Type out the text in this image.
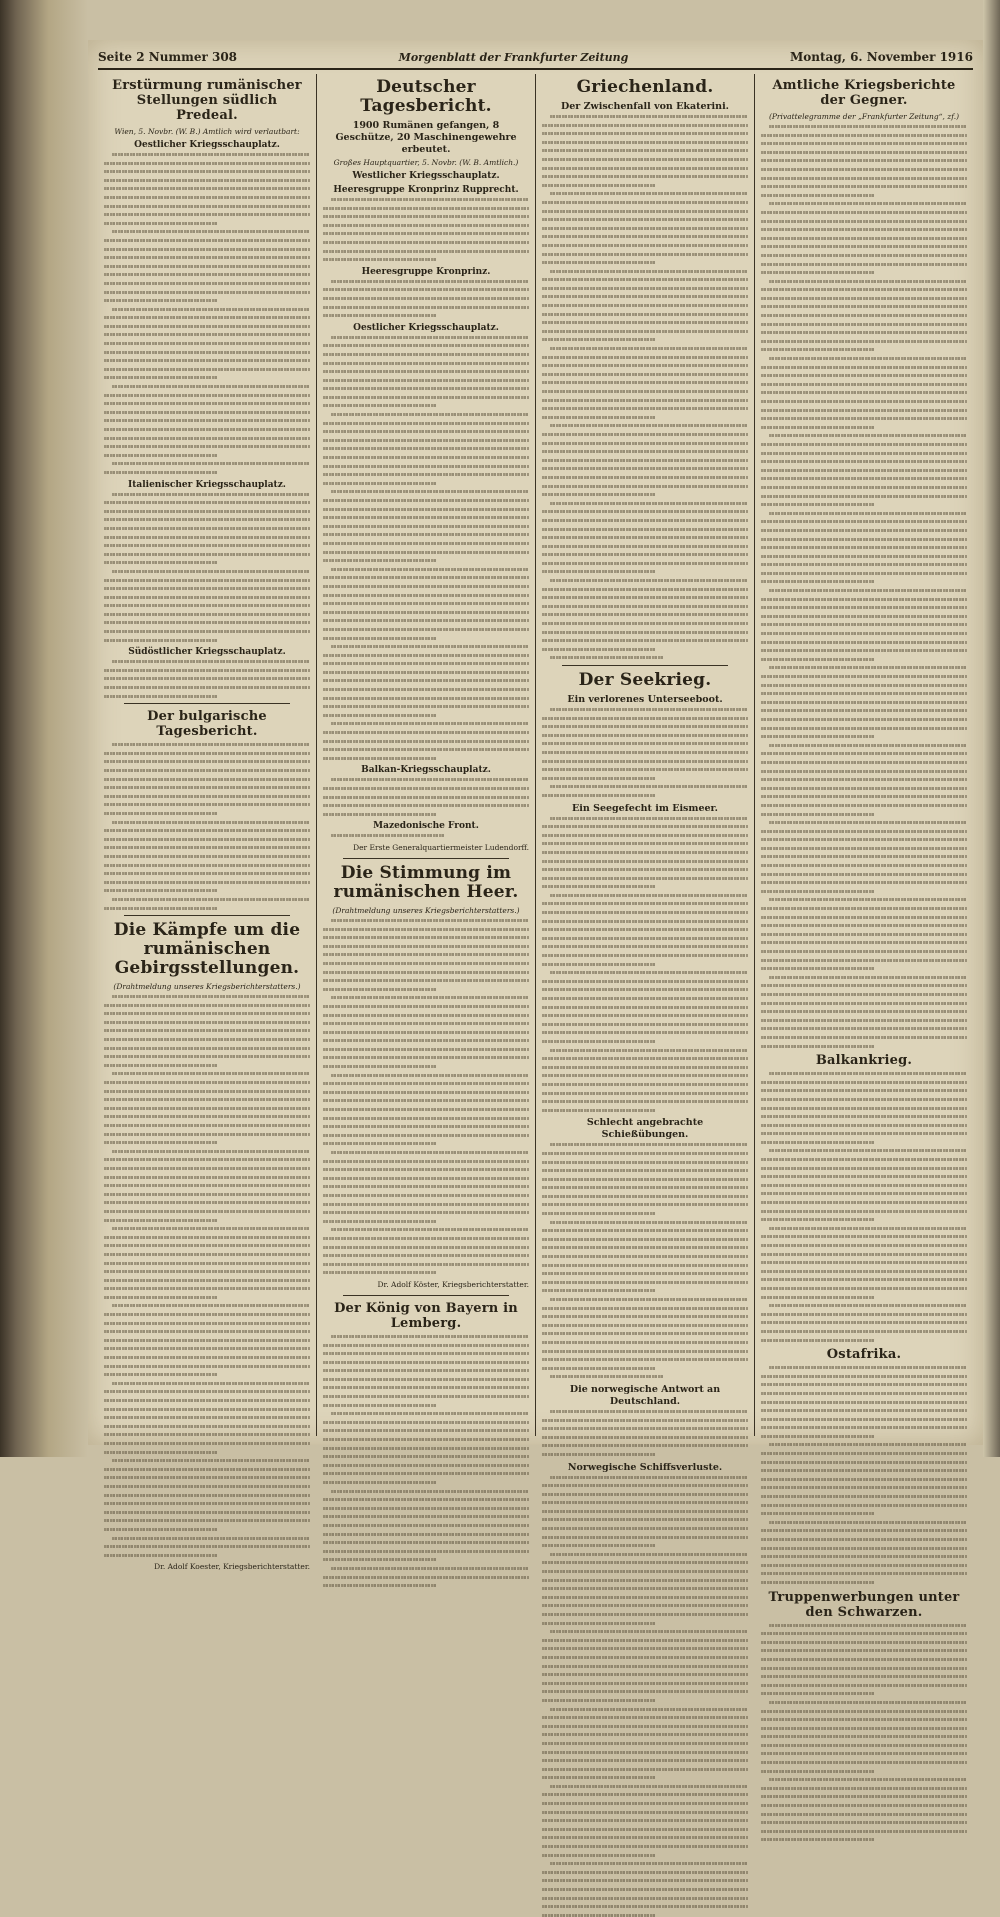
Seite 2 Nummer 308	Morgenblatt der Frankfurter Zeitung	Montag, 6. November 1916
Erstürmung rumänischer Stellungen südlich Predeal.
Wien, 5. Novbr. (W. B.) Amtlich wird verlautbart:
Oestlicher Kriegsschauplatz.
Italienischer Kriegsschauplatz.
Südöstlicher Kriegsschauplatz.
Der bulgarische Tagesbericht.
Die Kämpfe um die rumänischen Gebirgsstellungen.
(Drahtmeldung unseres Kriegsberichterstatters.)
Dr. Adolf Koester, Kriegsberichterstatter.
Deutscher Tagesbericht.
1900 Rumänen gefangen, 8 Geschütze, 20 Maschinengewehre erbeutet.
Großes Hauptquartier, 5. Novbr. (W. B. Amtlich.)
Westlicher Kriegsschauplatz.
Heeresgruppe Kronprinz Rupprecht.
Heeresgruppe Kronprinz.
Oestlicher Kriegsschauplatz.
Balkan-Kriegsschauplatz.
Mazedonische Front.
Der Erste Generalquartiermeister Ludendorff.
Die Stimmung im rumänischen Heer.
(Drahtmeldung unseres Kriegsberichterstatters.)
Dr. Adolf Köster, Kriegsberichterstatter.
Der König von Bayern in Lemberg.
Griechenland.
Der Zwischenfall von Ekaterini.
Der Seekrieg.
Ein verlorenes Unterseeboot.
Ein Seegefecht im Eismeer.
Schlecht angebrachte Schießübungen.
Die norwegische Antwort an Deutschland.
Norwegische Schiffsverluste.
Amtliche Kriegsberichte der Gegner.
(Privattelegramme der „Frankfurter Zeitung“, zf.)
Balkankrieg.
Ostafrika.
Truppenwerbungen unter den Schwarzen.
